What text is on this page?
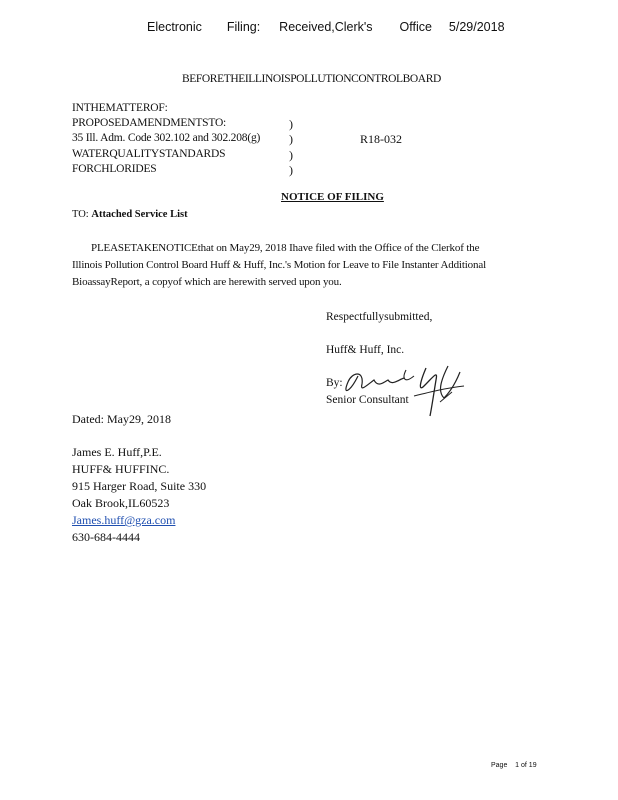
Electronic Filing: Received,Clerk's Office 5/29/2018
BEFORETHEILLINOISPOLLUTIONCONTROLBOARD
INTHEMATTEROF:
PROPOSEDAMENDMENTSTO:
35 Ill. Adm. Code 302.102 and 302.208(g)
WATERQUALITYSTANDARDS
FORCHLORIDES
)
)
)
)
R18-032
NOTICE OF FILING
TO: Attached Service List
PLEASETAKENOTICEthat on May29, 2018 Ihave filed with the Office of the Clerkof the
Illinois Pollution Control Board Huff & Huff, Inc.'s Motion for Leave to File Instanter Additional
BioassayReport, a copyof which are herewith served upon you.
Respectfullysubmitted,
Huff& Huff, Inc.
By:
Senior Consultant
Dated: May29, 2018
James E. Huff,P.E.
HUFF& HUFFINC.
915 Harger Road, Suite 330
Oak Brook,IL60523
James.huff@gza.com
630-684-4444
Page 1 of 19
